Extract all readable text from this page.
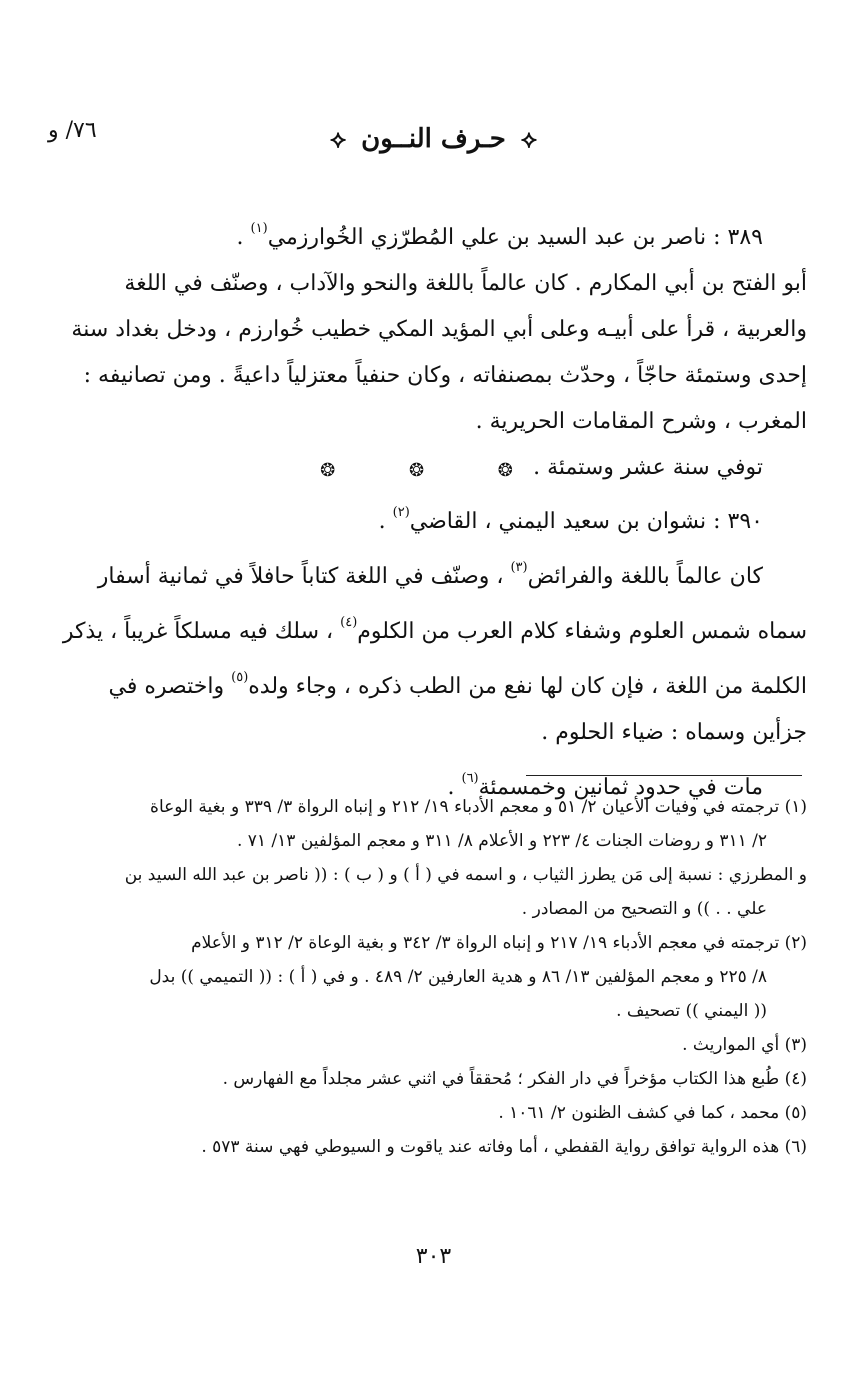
٧٦/ و	⟡ حـرف النــون ⟡
٣٨٩ : ناصر بن عبد السيد بن علي المُطرّزي الخُوارزمي$^{(١)}$ .
أبو الفتح بن أبي المكارم . كان عالماً باللغة والنحو والآداب ، وصنّف في اللغة
والعربية ، قرأ على أبيـه وعلى أبي المؤيد المكي خطيب خُوارزم ، ودخل بغداد سنة
إحدى وستمئة حاجّاً ، وحدّث بمصنفاته ، وكان حنفياً معتزلياً داعيةً . ومن تصانيفه :
المغرب ، وشرح المقامات الحريرية .
توفي سنة عشر وستمئة .
❂ ❂ ❂
٣٩٠ : نشوان بن سعيد اليمني ، القاضي$^{(٢)}$ .
كان عالماً باللغة والفرائض$^{(٣)}$ ، وصنّف في اللغة كتاباً حافلاً في ثمانية أسفار
سماه شمس العلوم وشفاء كلام العرب من الكلوم$^{(٤)}$ ، سلك فيه مسلكاً غريباً ، يذكر
الكلمة من اللغة ، فإن كان لها نفع من الطب ذكره ، وجاء ولده$^{(٥)}$ واختصره في
جزأين وسماه : ضياء الحلوم .
مات في حدود ثمانين وخمسمئة$^{(٦)}$ .
(١) ترجمته في وفيات الأعيان ٢/ ٥١ و معجم الأدباء ١٩/ ٢١٢ و إنباه الرواة ٣/ ٣٣٩ و بغية الوعاة
٢/ ٣١١ و روضات الجنات ٤/ ٢٢٣ و الأعلام ٨/ ٣١١ و معجم المؤلفين ١٣/ ٧١ .
و المطرزي : نسبة إلى مَن يطرز الثياب ، و اسمه في ( أ ) و ( ب ) : (( ناصر بن عبد الله السيد بن
علي . . )) و التصحيح من المصادر .
(٢) ترجمته في معجم الأدباء ١٩/ ٢١٧ و إنباه الرواة ٣/ ٣٤٢ و بغية الوعاة ٢/ ٣١٢ و الأعلام
٨/ ٢٢٥ و معجم المؤلفين ١٣/ ٨٦ و هدية العارفين ٢/ ٤٨٩ . و في ( أ ) : (( التميمي )) بدل
(( اليمني )) تصحيف .
(٣) أي المواريث .
(٤) طُبع هذا الكتاب مؤخراً في دار الفكر ؛ مُحققاً في اثني عشر مجلداً مع الفهارس .
(٥) محمد ، كما في كشف الظنون ٢/ ١٠٦١ .
(٦) هذه الرواية توافق رواية القفطي ، أما وفاته عند ياقوت و السيوطي فهي سنة ٥٧٣ .
٣٠٣
